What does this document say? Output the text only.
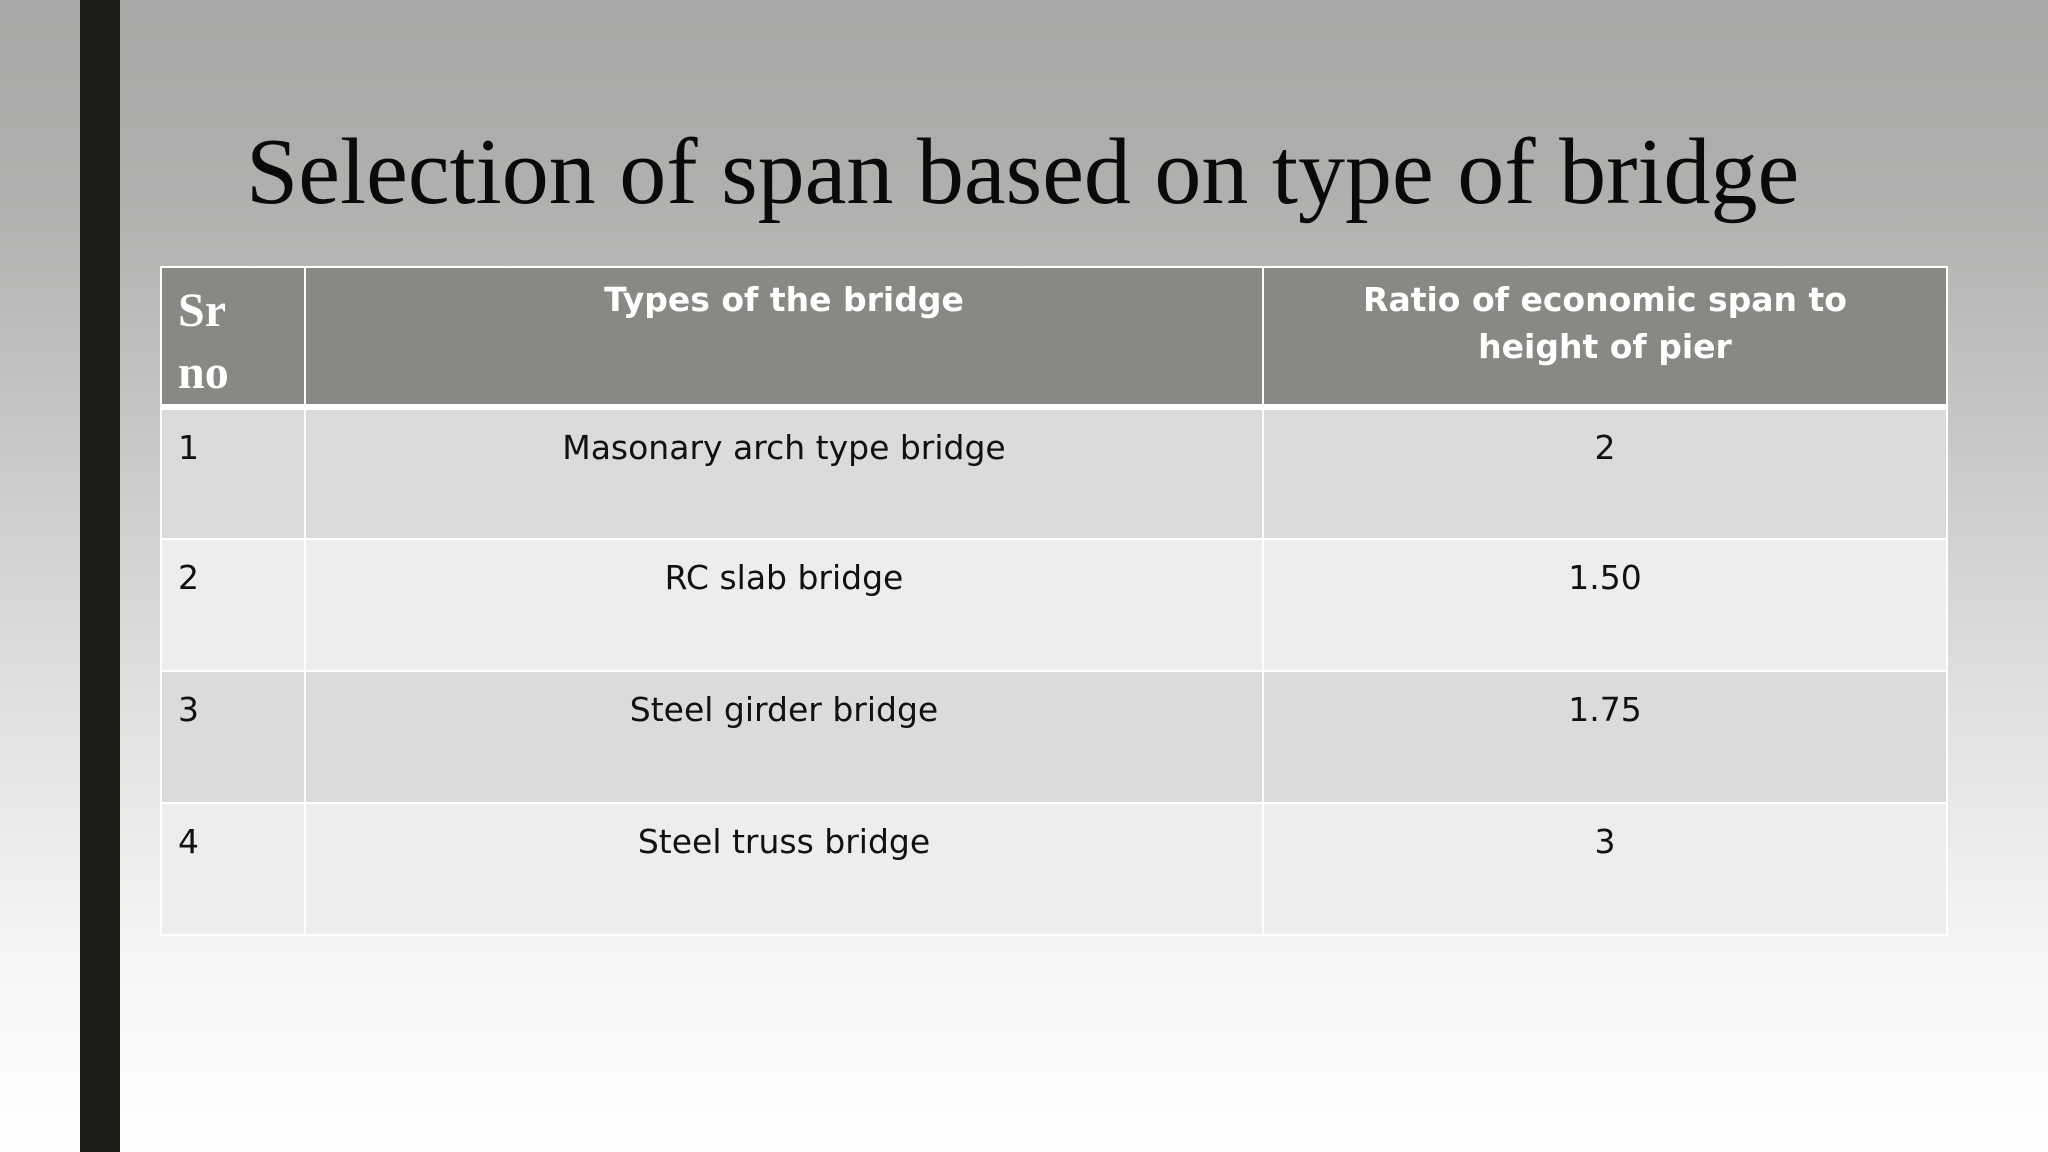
Selection of span based on type of bridge
Sr no	Types of the bridge	Ratio of economic span to height of pier
1	Masonary arch type bridge	2
2	RC slab bridge	1.50
3	Steel girder bridge	1.75
4	Steel truss bridge	3
